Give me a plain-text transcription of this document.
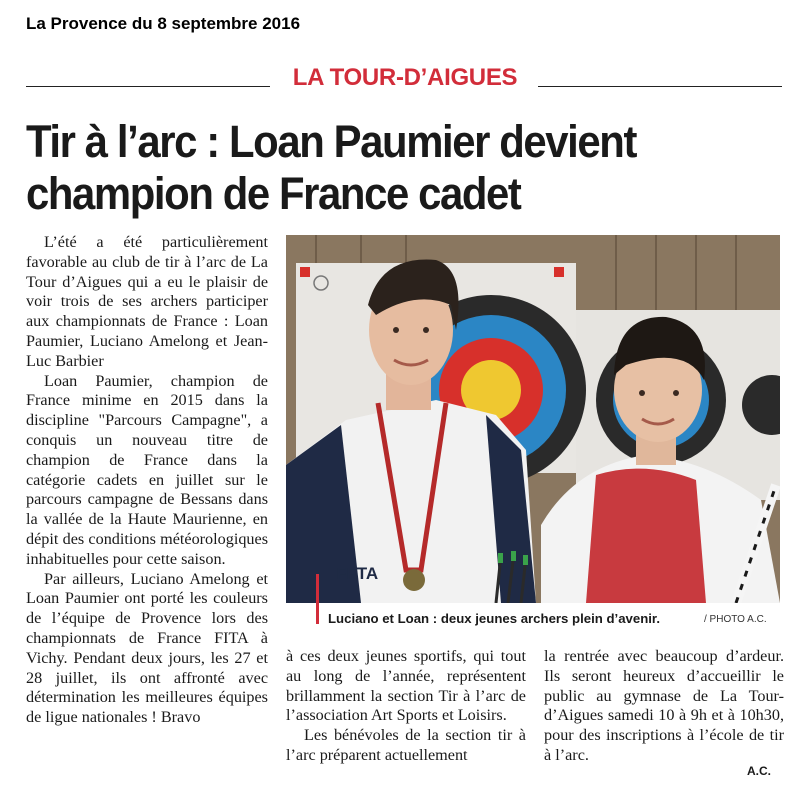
La Provence du 8 septembre 2016
LA TOUR-D’AIGUES
Tir à l’arc : Loan Paumier devient champion de France cadet

L’été a été particulièrement favorable au club de tir à l’arc de La Tour d’Aigues qui a eu le plaisir de voir trois de ses archers participer aux championnats de France : Loan Paumier, Luciano Amelong et Jean-Luc Barbier

Loan Paumier, champion de France minime en 2015 dans la discipline "Parcours Campagne", a conquis un nouveau titre de champion de France dans la catégorie cadets en juillet sur le parcours campagne de Bessans dans la vallée de la Haute Maurienne, en dépit des conditions météorologiques inhabituelles pour cette saison.

Par ailleurs, Luciano Amelong et Loan Paumier ont porté les couleurs de l’équipe de Provence lors des championnats de France FITA à Vichy. Pendant deux jours, les 27 et 28 juillet, ils ont affronté avec détermination les meilleures équipes de ligue nationales ! Bravo

à ces deux jeunes sportifs, qui tout au long de l’année, représentent brillamment la section Tir à l’arc de l’association Art Sports et Loisirs.

Les bénévoles de la section tir à l’arc préparent actuellement

la rentrée avec beaucoup d’ardeur. Ils seront heureux d’accueillir le public au gymnase de La Tour-d’Aigues samedi 10 à 9h et à 10h30, pour des inscriptions à l’école de tir à l’arc.

FFTA
Luciano et Loan : deux jeunes archers plein d’avenir.	/ PHOTO A.C.
A.C.
